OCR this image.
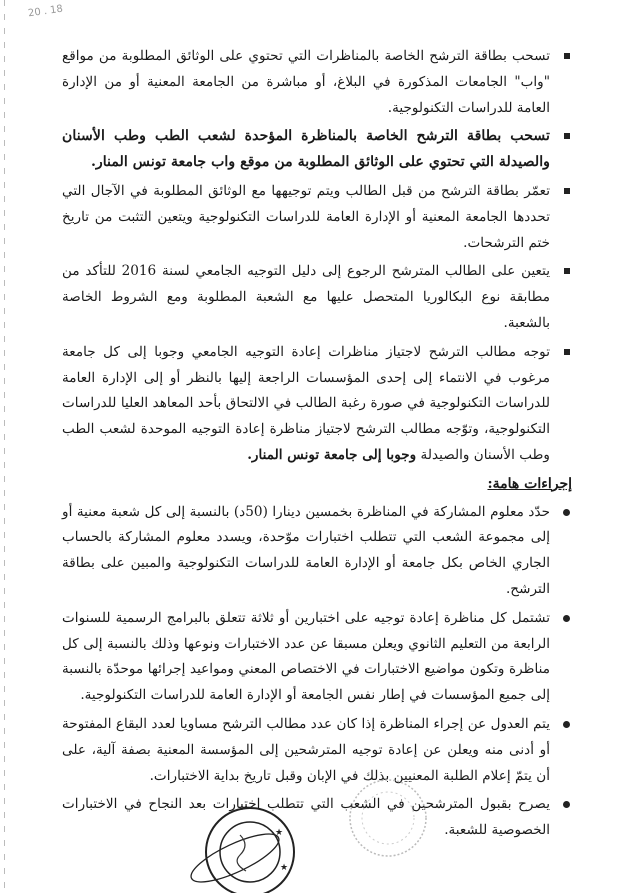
20 . 18
تسحب بطاقة الترشح الخاصة بالمناظرات التي تحتوي على الوثائق المطلوبة من مواقع "واب" الجامعات المذكورة في البلاغ، أو مباشرة من الجامعة المعنية أو من الإدارة العامة للدراسات التكنولوجية.
تسحب بطاقة الترشح الخاصة بالمناظرة المؤحدة لشعب الطب وطب الأسنان والصيدلة التي تحتوي على الوثائق المطلوبة من موقع واب جامعة تونس المنار.
تعمّر بطاقة الترشح من قبل الطالب ويتم توجيهها مع الوثائق المطلوبة في الآجال التي تحددها الجامعة المعنية أو الإدارة العامة للدراسات التكنولوجية ويتعين التثبت من تاريخ ختم الترشحات.
يتعين على الطالب المترشح الرجوع إلى دليل التوجيه الجامعي لسنة 2016 للتأكد من مطابقة نوع البكالوريا المتحصل عليها مع الشعبة المطلوبة ومع الشروط الخاصة بالشعبة.
توجه مطالب الترشح لاجتياز مناظرات إعادة التوجيه الجامعي وجوبا إلى كل جامعة مرغوب في الانتماء إلى إحدى المؤسسات الراجعة إليها بالنظر أو إلى الإدارة العامة للدراسات التكنولوجية في صورة رغبة الطالب في الالتحاق بأحد المعاهد العليا للدراسات التكنولوجية، وتوّجه مطالب الترشح لاجتياز مناظرة إعادة التوجيه الموحدة لشعب الطب وطب الأسنان والصيدلة وجوبا إلى جامعة تونس المنار.
إجراءات هامة:
حدّد معلوم المشاركة في المناظرة بخمسين دينارا (50د) بالنسبة إلى كل شعبة معنية أو إلى مجموعة الشعب التي تتطلب اختبارات موّحدة، ويسدد معلوم المشاركة بالحساب الجاري الخاص بكل جامعة أو الإدارة العامة للدراسات التكنولوجية والمبين على بطاقة الترشح.
تشتمل كل مناظرة إعادة توجيه على اختبارين أو ثلاثة تتعلق بالبرامج الرسمية للسنوات الرابعة من التعليم الثانوي ويعلن مسبقا عن عدد الاختبارات ونوعها وذلك بالنسبة إلى كل مناظرة وتكون مواضيع الاختبارات في الاختصاص المعني ومواعيد إجرائها موحدّة بالنسبة إلى جميع المؤسسات في إطار نفس الجامعة أو الإدارة العامة للدراسات التكنولوجية.
يتم العدول عن إجراء المناظرة إذا كان عدد مطالب الترشح مساويا لعدد البقاع المفتوحة أو أدنى منه ويعلن عن إعادة توجيه المترشحين إلى المؤسسة المعنية بصفة آلية، على أن يتمّ إعلام الطلبة المعنيين بذلك في الإبان وقبل تاريخ بداية الاختبارات.
يصرح بقبول المترشحين في الشعب التي تتطلب اختبارات بعد النجاح في الاختبارات الخصوصية للشعبة.
★
★
